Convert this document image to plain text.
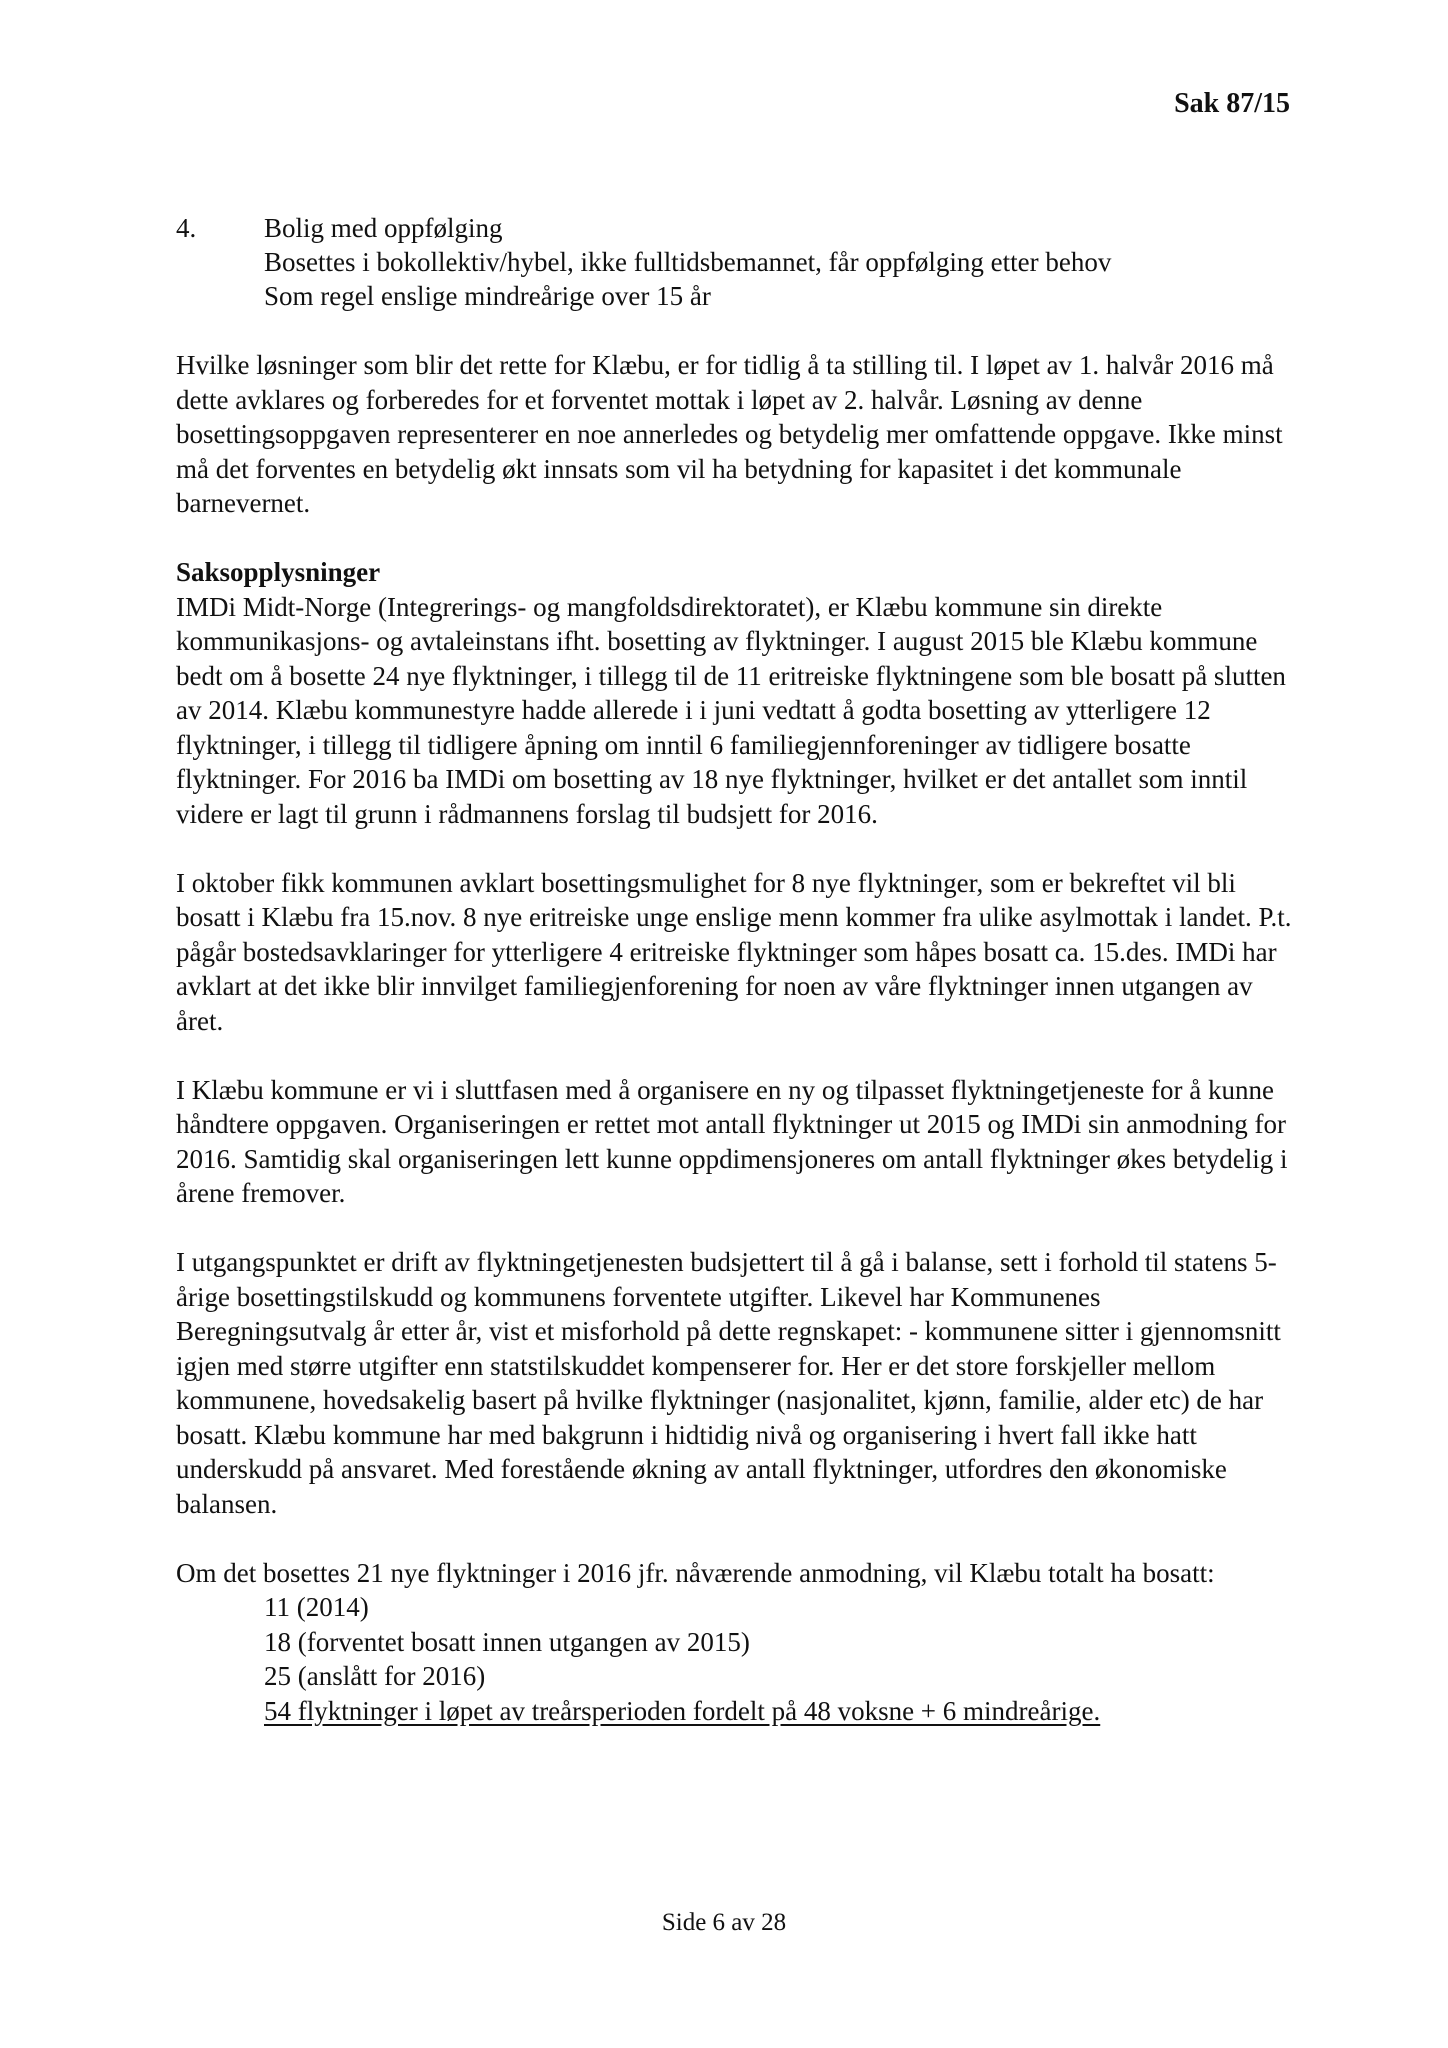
Sak 87/15
4.	Bolig med oppfølging
Bosettes i bokollektiv/hybel, ikke fulltidsbemannet, får oppfølging etter behov
Som regel enslige mindreårige over 15 år

Hvilke løsninger som blir det rette for Klæbu, er for tidlig å ta stilling til. I løpet av 1. halvår 2016 må dette avklares og forberedes for et forventet mottak i løpet av 2. halvår. Løsning av denne bosettingsoppgaven representerer en noe annerledes og betydelig mer omfattende oppgave. Ikke minst må det forventes en betydelig økt innsats som vil ha betydning for kapasitet i det kommunale barnevernet.

Saksopplysninger

IMDi Midt-Norge (Integrerings- og mangfoldsdirektoratet), er Klæbu kommune sin direkte kommunikasjons- og avtaleinstans ifht. bosetting av flyktninger. I august 2015 ble Klæbu kommune bedt om å bosette 24 nye flyktninger, i tillegg til de 11 eritreiske flyktningene som ble bosatt på slutten av 2014. Klæbu kommunestyre hadde allerede i i juni vedtatt å godta bosetting av ytterligere 12 flyktninger, i tillegg til tidligere åpning om inntil 6 familiegjennforeninger av tidligere bosatte flyktninger. For 2016 ba IMDi om bosetting av 18 nye flyktninger, hvilket er det antallet som inntil videre er lagt til grunn i rådmannens forslag til budsjett for 2016.

I oktober fikk kommunen avklart bosettingsmulighet for 8 nye flyktninger, som er bekreftet vil bli bosatt i Klæbu fra 15.nov. 8 nye eritreiske unge enslige menn kommer fra ulike asylmottak i landet. P.t. pågår bostedsavklaringer for ytterligere 4 eritreiske flyktninger som håpes bosatt ca. 15.des. IMDi har avklart at det ikke blir innvilget familiegjenforening for noen av våre flyktninger innen utgangen av året.

I Klæbu kommune er vi i sluttfasen med å organisere en ny og tilpasset flyktningetjeneste for å kunne håndtere oppgaven. Organiseringen er rettet mot antall flyktninger ut 2015 og IMDi sin anmodning for 2016. Samtidig skal organiseringen lett kunne oppdimensjoneres om antall flyktninger økes betydelig i årene fremover.

I utgangspunktet er drift av flyktningetjenesten budsjettert til å gå i balanse, sett i forhold til statens 5-årige bosettingstilskudd og kommunens forventete utgifter. Likevel har Kommunenes Beregningsutvalg år etter år, vist et misforhold på dette regnskapet: - kommunene sitter i gjennomsnitt igjen med større utgifter enn statstilskuddet kompenserer for. Her er det store forskjeller mellom kommunene, hovedsakelig basert på hvilke flyktninger (nasjonalitet, kjønn, familie, alder etc) de har bosatt. Klæbu kommune har med bakgrunn i hidtidig nivå og organisering i hvert fall ikke hatt underskudd på ansvaret. Med forestående økning av antall flyktninger, utfordres den økonomiske balansen.

Om det bosettes 21 nye flyktninger i 2016 jfr. nåværende anmodning, vil Klæbu totalt ha bosatt:
11 (2014)
18 (forventet bosatt innen utgangen av 2015)
25 (anslått for 2016)
54 flyktninger i løpet av treårsperioden fordelt på 48 voksne + 6 mindreårige.
Side 6 av 28
